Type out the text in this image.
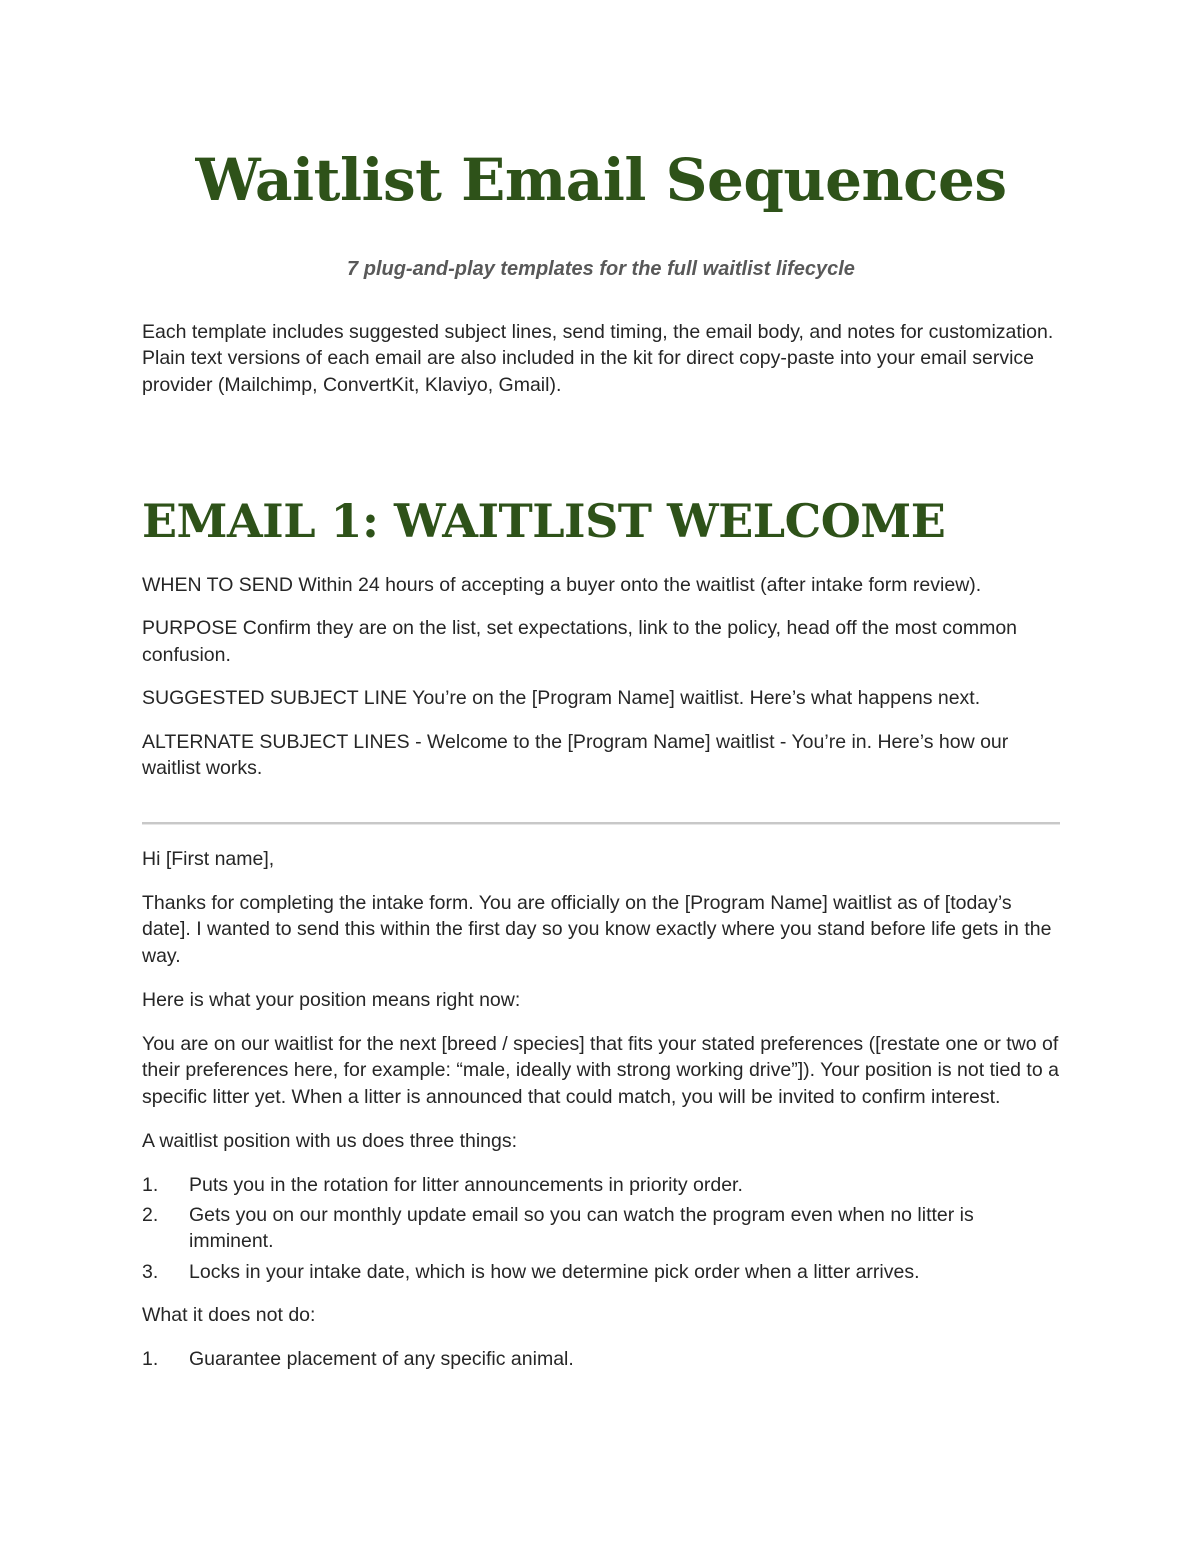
Waitlist Email Sequences

7 plug-and-play templates for the full waitlist lifecycle

Each template includes suggested subject lines, send timing, the email body, and notes for customization. Plain text versions of each email are also included in the kit for direct copy-paste into your email service provider (Mailchimp, ConvertKit, Klaviyo, Gmail).

EMAIL 1: WAITLIST WELCOME

WHEN TO SEND Within 24 hours of accepting a buyer onto the waitlist (after intake form review).

PURPOSE Confirm they are on the list, set expectations, link to the policy, head off the most common confusion.

SUGGESTED SUBJECT LINE You’re on the [Program Name] waitlist. Here’s what happens next.

ALTERNATE SUBJECT LINES - Welcome to the [Program Name] waitlist - You’re in. Here’s how our waitlist works.

Hi [First name],

Thanks for completing the intake form. You are officially on the [Program Name] waitlist as of [today’s date]. I wanted to send this within the first day so you know exactly where you stand before life gets in the way.

Here is what your position means right now:

You are on our waitlist for the next [breed / species] that fits your stated preferences ([restate one or two of their preferences here, for example: “male, ideally with strong working drive”]). Your position is not tied to a specific litter yet. When a litter is announced that could match, you will be invited to confirm interest.

A waitlist position with us does three things:

1. Puts you in the rotation for litter announcements in priority order.
2. Gets you on our monthly update email so you can watch the program even when no litter is imminent.
3. Locks in your intake date, which is how we determine pick order when a litter arrives.

What it does not do:

1. Guarantee placement of any specific animal.
